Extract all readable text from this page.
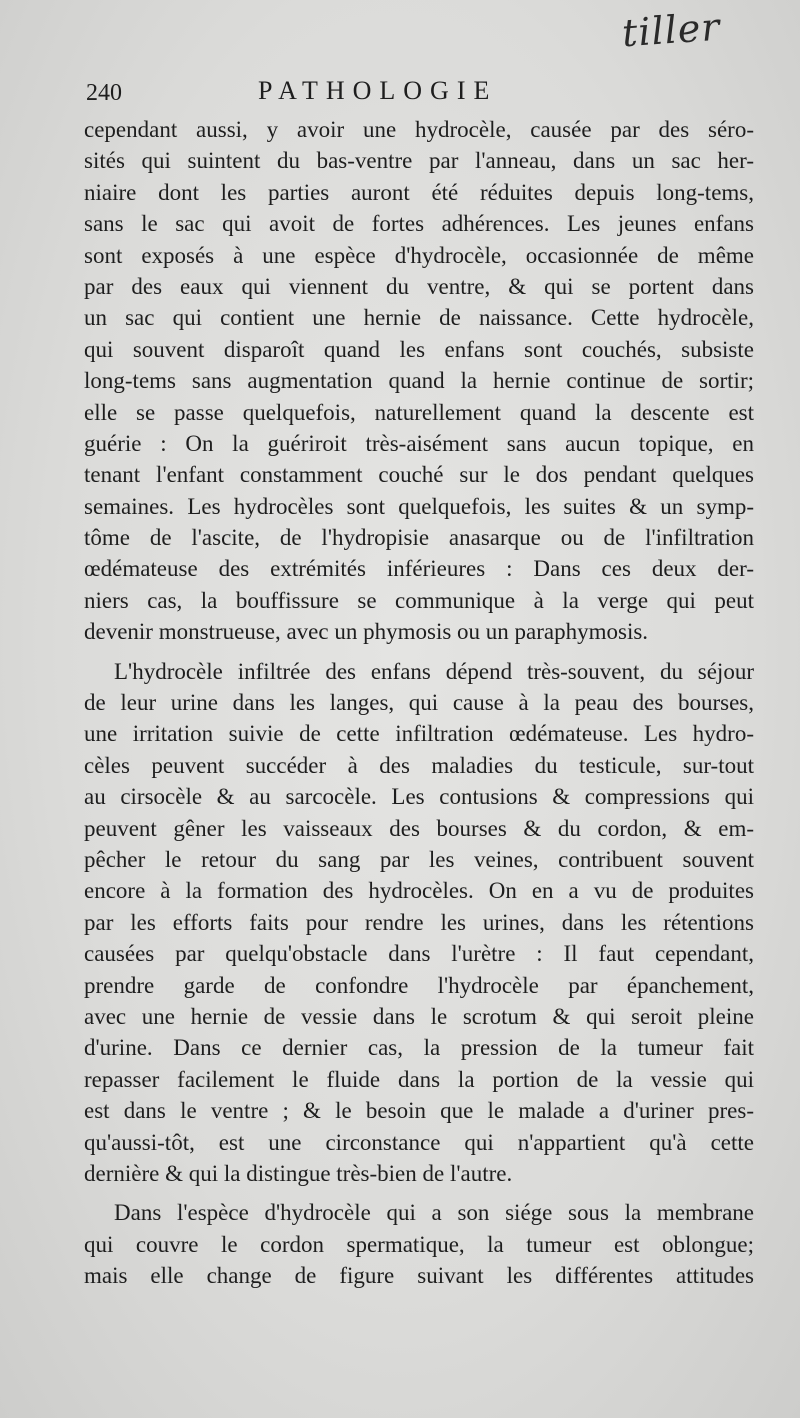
tiller
240	PATHOLOGIE
cependant aussi, y avoir une hydrocèle, causée par des séro-
sités qui suintent du bas-ventre par l'anneau, dans un sac her-
niaire dont les parties auront été réduites depuis long-tems,
sans le sac qui avoit de fortes adhérences. Les jeunes enfans
sont exposés à une espèce d'hydrocèle, occasionnée de même
par des eaux qui viennent du ventre, & qui se portent dans
un sac qui contient une hernie de naissance. Cette hydrocèle,
qui souvent disparoît quand les enfans sont couchés, subsiste
long-tems sans augmentation quand la hernie continue de sortir;
elle se passe quelquefois, naturellement quand la descente est
guérie : On la guériroit très-aisément sans aucun topique, en
tenant l'enfant constamment couché sur le dos pendant quelques
semaines. Les hydrocèles sont quelquefois, les suites & un symp-
tôme de l'ascite, de l'hydropisie anasarque ou de l'infiltration
œdémateuse des extrémités inférieures : Dans ces deux der-
niers cas, la bouffissure se communique à la verge qui peut
devenir monstrueuse, avec un phymosis ou un paraphymosis.
L'hydrocèle infiltrée des enfans dépend très-souvent, du séjour
de leur urine dans les langes, qui cause à la peau des bourses,
une irritation suivie de cette infiltration œdémateuse. Les hydro-
cèles peuvent succéder à des maladies du testicule, sur-tout
au cirsocèle & au sarcocèle. Les contusions & compressions qui
peuvent gêner les vaisseaux des bourses & du cordon, & em-
pêcher le retour du sang par les veines, contribuent souvent
encore à la formation des hydrocèles. On en a vu de produites
par les efforts faits pour rendre les urines, dans les rétentions
causées par quelqu'obstacle dans l'urètre : Il faut cependant,
prendre garde de confondre l'hydrocèle par épanchement,
avec une hernie de vessie dans le scrotum & qui seroit pleine
d'urine. Dans ce dernier cas, la pression de la tumeur fait
repasser facilement le fluide dans la portion de la vessie qui
est dans le ventre ; & le besoin que le malade a d'uriner pres-
qu'aussi-tôt, est une circonstance qui n'appartient qu'à cette
dernière & qui la distingue très-bien de l'autre.
Dans l'espèce d'hydrocèle qui a son siége sous la membrane
qui couvre le cordon spermatique, la tumeur est oblongue;
mais elle change de figure suivant les différentes attitudes
